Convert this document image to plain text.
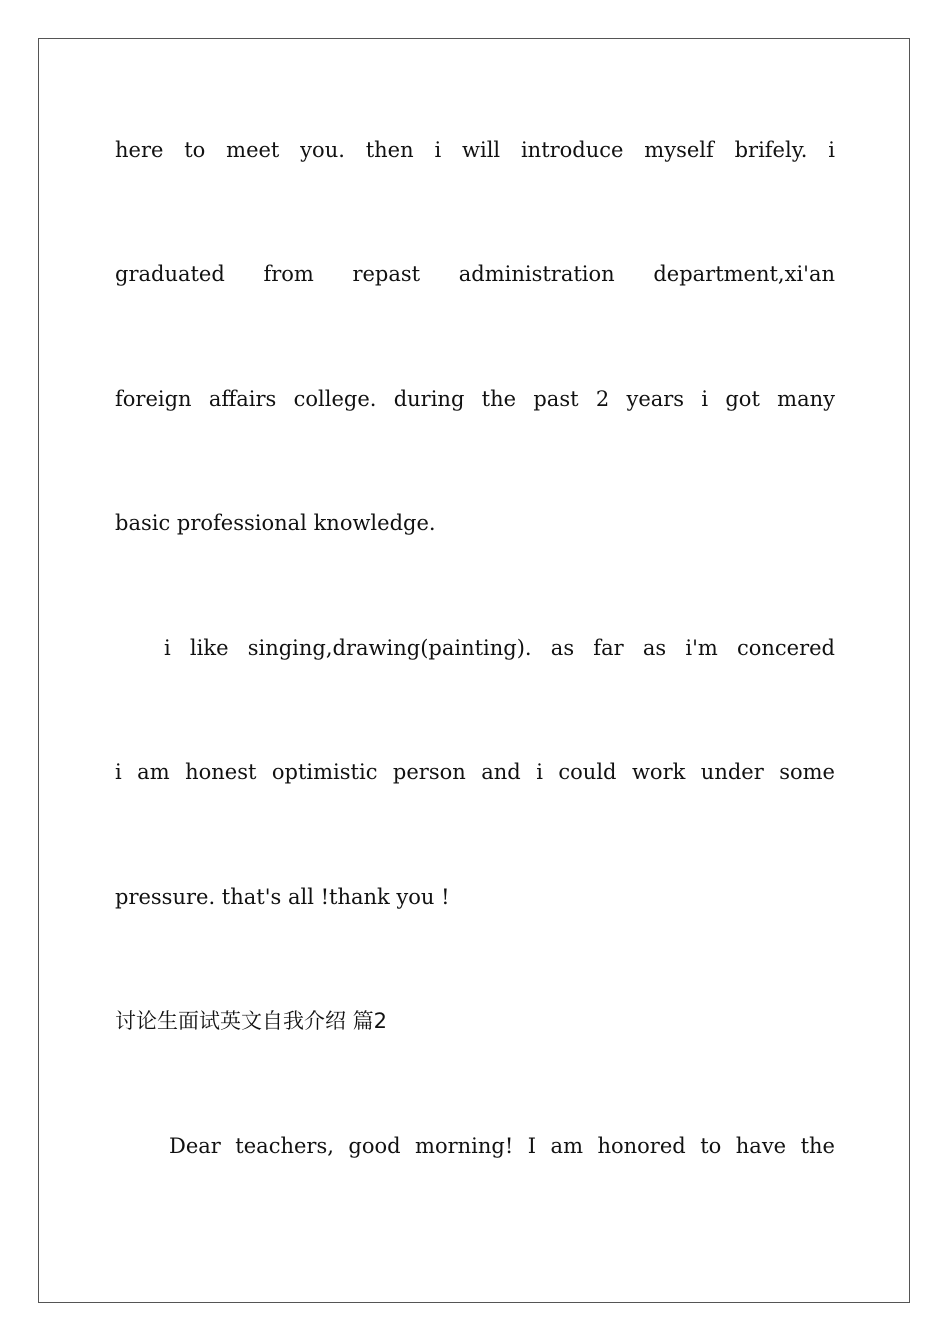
here to meet you. then i will introduce myself brifely. i
graduated from repast administration department,xi'an
foreign affairs college. during the past 2 years i got many
basic professional knowledge.
i like singing,drawing(painting). as far as i'm concered
i am honest optimistic person and i could work under some
pressure. that's all !thank you !
讨论生面试英文自我介绍 篇2
Dear teachers, good morning! I am honored to have the
